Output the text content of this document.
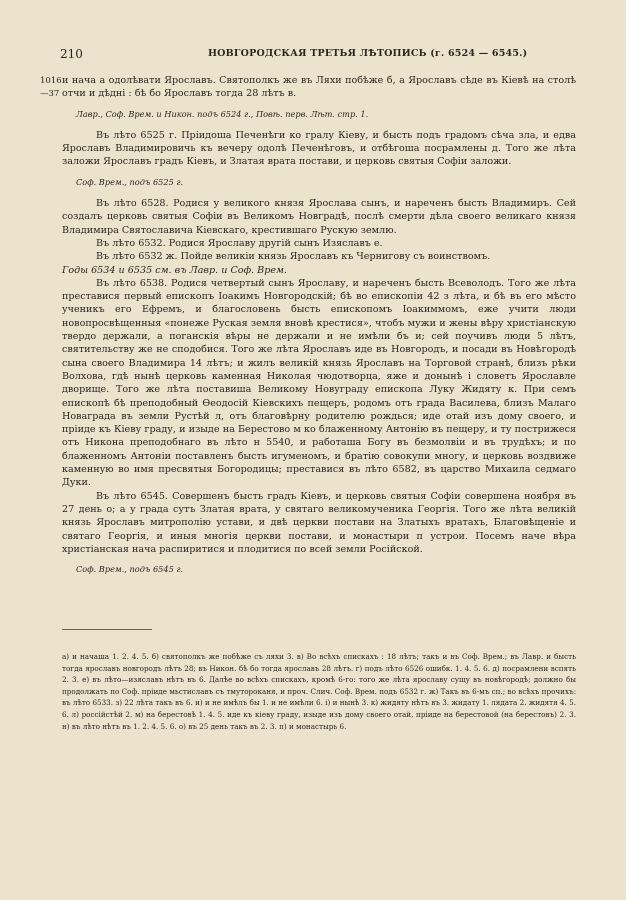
210	НОВГОРОДСКАЯ ТРЕТЬЯ ЛѢТОПИСЬ (г. 6524 — 6545.)
1016
—37

и нача а одолѣвати Ярославъ. Святополкъ же въ Ляхи побѣже б, а Ярославъ сѣде въ Кіевѣ на столѣ отчи и дѣдні : бѣ бо Ярославъ тогда 28 лѣтъ в.

Лавр., Соф. Врем. и Никон. подъ 6524 г., Повѣ. перв. Лѣт. стр. 1.

Въ лѣто 6525 г. Пріидоша Печенѣги ко гралу Кіеву, и бысть подъ градомъ сѣча зла, и едва Ярославъ Владимировичь къ вечеру одолѣ Печенѣговъ, и отбѣгоша посрамлены д. Того же лѣта заложи Ярославъ градъ Кіевъ, и Златая врата постави, и церковь святыя Софіи заложи.

Соф. Врем., подъ 6525 г.

Въ лѣто 6528. Родися у великого князя Ярослава сынъ, и нареченъ бысть Владимиръ. Сей создалъ церковь святыя Софіи въ Великомъ Новградѣ, послѣ смерти дѣла своего великаго князя Владимира Святославича Кіевскаго, крестившаго Рускую землю.

Въ лѣто 6532. Родися Ярославу другій сынъ Изяславъ е.

Въ лѣто 6532 ж. Пойде великіи князь Ярославъ къ Чернигову съ воинствомъ.

Годы 6534 и 6535 см. въ Лавр. и Соф. Врем.

Въ лѣто 6538. Родися четвертый сынъ Ярославу, и нареченъ бысть Всеволодъ. Того же лѣта преставися первый епископъ Іоакимъ Новгородскій; бѣ во епископіи 42 з лѣта, и бѣ въ его мѣсто ученикъ его Ефремъ, и благословень бысть епископомъ Іоакиммомъ, еже учити люди новопросвѣщенныя «понеже Руская земля вновѣ крестися», чтобъ мужи и жены вѣру христіанскую твердо держали, а поганскія вѣры не держали и не имѣли бъ и; сей поучивъ люди 5 лѣтъ, святительству же не сподобися. Того же лѣта Ярославъ иде въ Новгородъ, и посади въ Новѣгородѣ сына своего Владимира 14 лѣтъ; и жилъ великій князь Ярославъ на Торговой странѣ, близъ рѣки Волхова, гдѣ нынѣ церковь каменная Николая чюдотворца, яже и донынѣ і словетъ Ярославле дворище. Того же лѣта поставиша Великому Новуграду епископа Луку Жидяту к. При семъ епископѣ бѣ преподобный Ѳеодосій Кіевскихъ пещеръ, родомъ отъ града Василева, близъ Малаго Новаграда въ земли Рустѣй л, отъ благовѣрну родителю рождься; иде отай изъ дому своего, и пріиде къ Кіеву граду, и изыде на Берестово м ко блаженному Антонію въ пещеру, и ту пострижеся отъ Никона преподобнаго въ лѣто н 5540, и работаша Богу въ безмолвіи и въ трудѣхъ; и по блаженномъ Антоніи поставленъ бысть игуменомъ, и братію совокупи многу, и церковь воздвиже каменную во имя пресвятыя Богородицы; преставися въ лѣто 6582, въ царство Михаила седмаго Дуки.

Въ лѣто 6545. Совершенъ бысть градъ Кіевъ, и церковь святыя Софіи совершена ноября въ 27 день о; а у града сутъ Златая врата, у святаго великомученика Георгія. Того же лѣта великій князь Ярославъ митрополію устави, и двѣ церкви постави на Златыхъ вратахъ, Благовѣщеніе и святаго Георгія, и иныя многія церкви постави, и монастыри п устрои. Посемъ наче вѣра христіанская нача распиритися и плодитися по всей земли Російской.

Соф. Врем., подъ 6545 г.

а) и начаша 1. 2. 4. 5. б) святополкъ же побѣже съ ляхи 3. в) Во всѣхъ спискахъ : 18 лѣтъ; такъ и въ Соф. Врем.; въ Лавр. и бысть тогда ярославъ новгородъ лѣтъ 28; въ Никон. бѣ бо тогда ярославъ 28 лѣтъ. г) подъ лѣто 6526 ошибк. 1. 4. 5. 6. д) посрамлени вспять 2. 3. е) въ лѣто—изяславъ нѣтъ въ 6. Далѣе во всѣхъ спискахъ, кромѣ 6-го: того же лѣта ярославу сущу въ новѣгородѣ; должно бы продолжать по Соф. пріиде мьстиславъ съ тмутороканя, и проч. Слич. Соф. Врем. подъ 6532 г. ж) Такъ въ 6-мъ сп.; во всѣхъ прочихъ: въ лѣто 6533. з) 22 лѣта такъ въ 6. и) и не имѣлъ бы 1. и не имѣли 6. і) и нынѣ 3. к) жидяту нѣтъ въ 3. жидату 1. лядата 2. жидятя 4. 5. 6. л) россійстѣй 2. м) на берестовѣ 1. 4. 5. иде къ кіеву граду, изыде изъ дому своего отай, пріиде на берестовой (на берестовъ) 2. 3. н) въ лѣто нѣтъ въ 1. 2. 4. 5. 6. о) въ 25 день такъ въ 2. 3. п) и монастырь 6.
